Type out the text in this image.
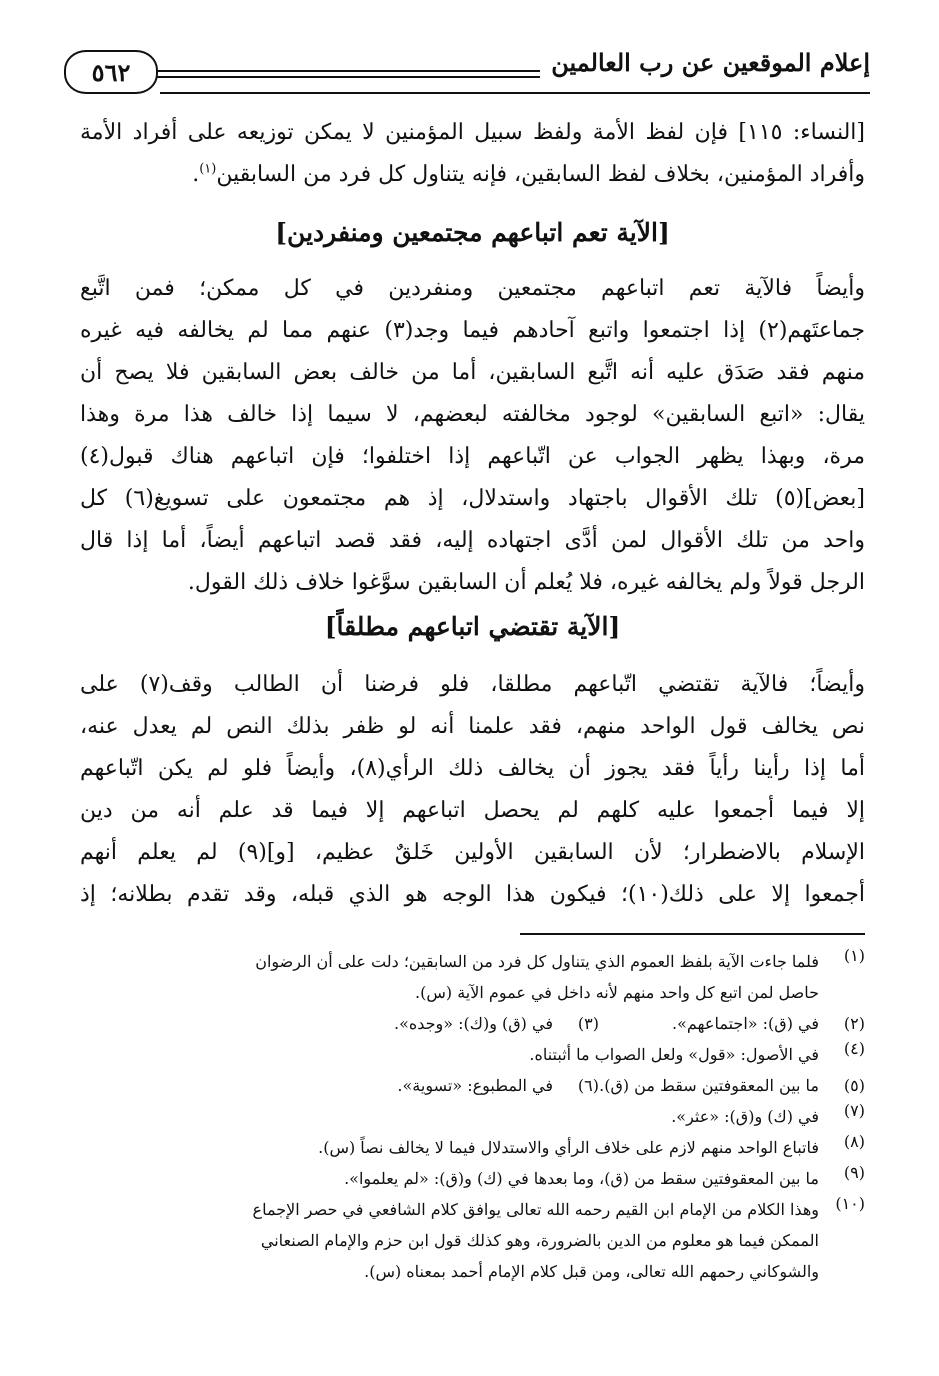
٥٦٢	إعلام الموقعين عن رب العالمين
[النساء: ١١٥] فإن لفظ الأمة ولفظ سبيل المؤمنين لا يمكن توزيعه على أفراد الأمة
وأفراد المؤمنين، بخلاف لفظ السابقين، فإنه يتناول كل فرد من السابقين$^{(١)}$.
[الآية تعم اتباعهم مجتمعين ومنفردين]
وأيضاً فالآية تعم اتباعهم مجتمعين ومنفردين في كل ممكن؛ فمن اتَّبع
جماعتَهم(٢) إذا اجتمعوا واتبع آحادهم فيما وجد(٣) عنهم مما لم يخالفه فيه غيره
منهم فقد صَدَق عليه أنه اتَّبع السابقين، أما من خالف بعض السابقين فلا يصح أن
يقال: «اتبع السابقين» لوجود مخالفته لبعضهم، لا سيما إذا خالف هذا مرة وهذا
مرة، وبهذا يظهر الجواب عن اتّباعهم إذا اختلفوا؛ فإن اتباعهم هناك قبول(٤)
[بعض](٥) تلك الأقوال باجتهاد واستدلال، إذ هم مجتمعون على تسويغ(٦) كل
واحد من تلك الأقوال لمن أدَّى اجتهاده إليه، فقد قصد اتباعهم أيضاً، أما إذا قال
الرجل قولاً ولم يخالفه غيره، فلا يُعلم أن السابقين سوَّغوا خلاف ذلك القول.
[الآية تقتضي اتباعهم مطلقاً]
وأيضاً؛ فالآية تقتضي اتّباعهم مطلقا، فلو فرضنا أن الطالب وقف(٧) على
نص يخالف قول الواحد منهم، فقد علمنا أنه لو ظفر بذلك النص لم يعدل عنه،
أما إذا رأينا رأياً فقد يجوز أن يخالف ذلك الرأي(٨)، وأيضاً فلو لم يكن اتّباعهم
إلا فيما أجمعوا عليه كلهم لم يحصل اتباعهم إلا فيما قد علم أنه من دين
الإسلام بالاضطرار؛ لأن السابقين الأولين خَلقٌ عظيم، [و](٩) لم يعلم أنهم
أجمعوا إلا على ذلك(١٠)؛ فيكون هذا الوجه هو الذي قبله، وقد تقدم بطلانه؛ إذ
(١)
فلما جاءت الآية بلفظ العموم الذي يتناول كل فرد من السابقين؛ دلت على أن الرضوان
حاصل لمن اتبع كل واحد منهم لأنه داخل في عموم الآية (س).
(٢)
في (ق): «اجتماعهم».
(٣)
في (ق) و(ك): «وجده».
(٤)
في الأصول: «قول» ولعل الصواب ما أثبتناه.
(٥)
ما بين المعقوفتين سقط من (ق).
(٦)
في المطبوع: «تسوية».
(٧)
في (ك) و(ق): «عثر».
(٨)
فاتباع الواحد منهم لازم على خلاف الرأي والاستدلال فيما لا يخالف نصاً (س).
(٩)
ما بين المعقوفتين سقط من (ق)، وما بعدها في (ك) و(ق): «لم يعلموا».
(١٠)
وهذا الكلام من الإمام ابن القيم رحمه الله تعالى يوافق كلام الشافعي في حصر الإجماع
الممكن فيما هو معلوم من الدين بالضرورة، وهو كذلك قول ابن حزم والإمام الصنعاني
والشوكاني رحمهم الله تعالى، ومن قبل كلام الإمام أحمد بمعناه (س).
